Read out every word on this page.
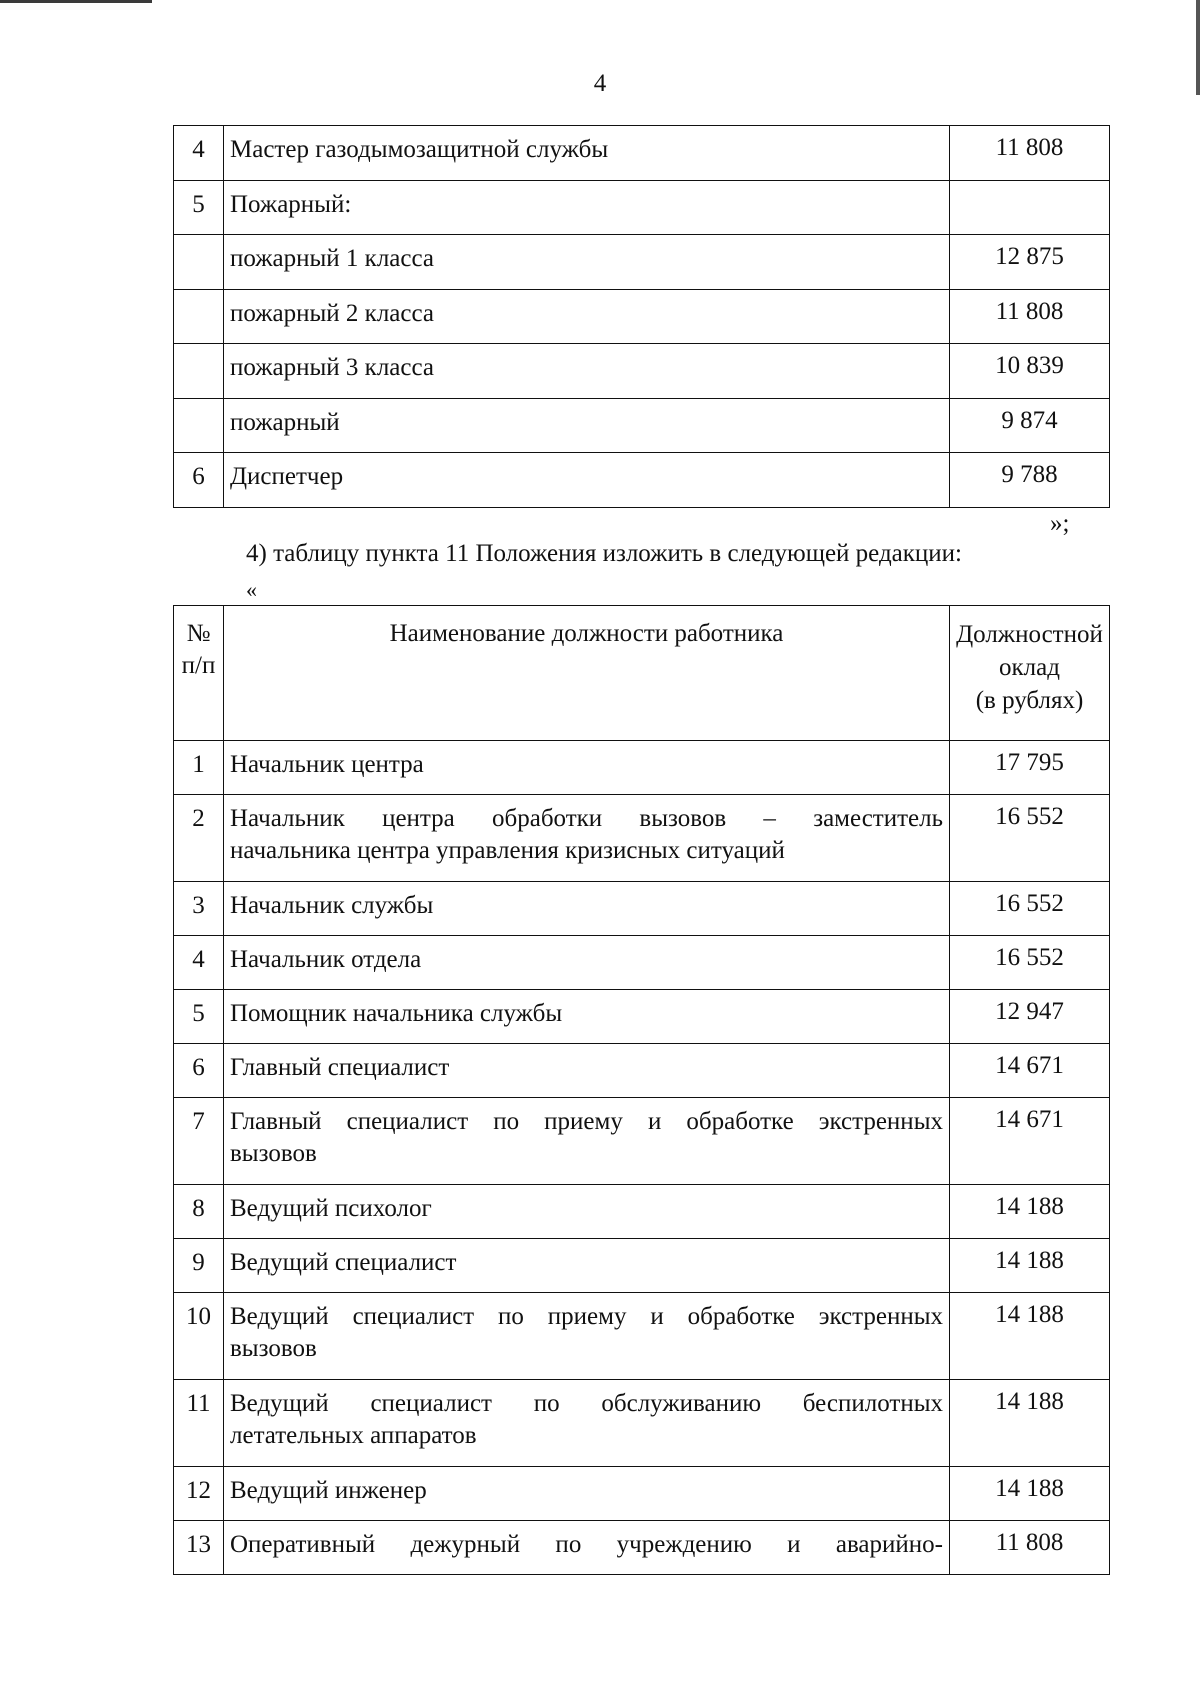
4
4	Мастер газодымозащитной службы	11 808
5	Пожарный:	
	пожарный 1 класса	12 875
	пожарный 2 класса	11 808
	пожарный 3 класса	10 839
	пожарный	9 874
6	Диспетчер	9 788
»;
4) таблицу пункта 11 Положения изложить в следующей редакции:
«
№
п/п	Наименование должности работника	Должностной
оклад
(в рублях)
1	Начальник центра	17 795
2	Начальник центра обработки вызовов – заместитель
начальника центра управления кризисных ситуаций	16 552
3	Начальник службы	16 552
4	Начальник отдела	16 552
5	Помощник начальника службы	12 947
6	Главный специалист	14 671
7	Главный специалист по приему и обработке экстренных
вызовов	14 671
8	Ведущий психолог	14 188
9	Ведущий специалист	14 188
10	Ведущий специалист по приему и обработке экстренных
вызовов	14 188
11	Ведущий специалист по обслуживанию беспилотных
летательных аппаратов	14 188
12	Ведущий инженер	14 188
13	Оперативный дежурный по учреждению и аварийно-	11 808
